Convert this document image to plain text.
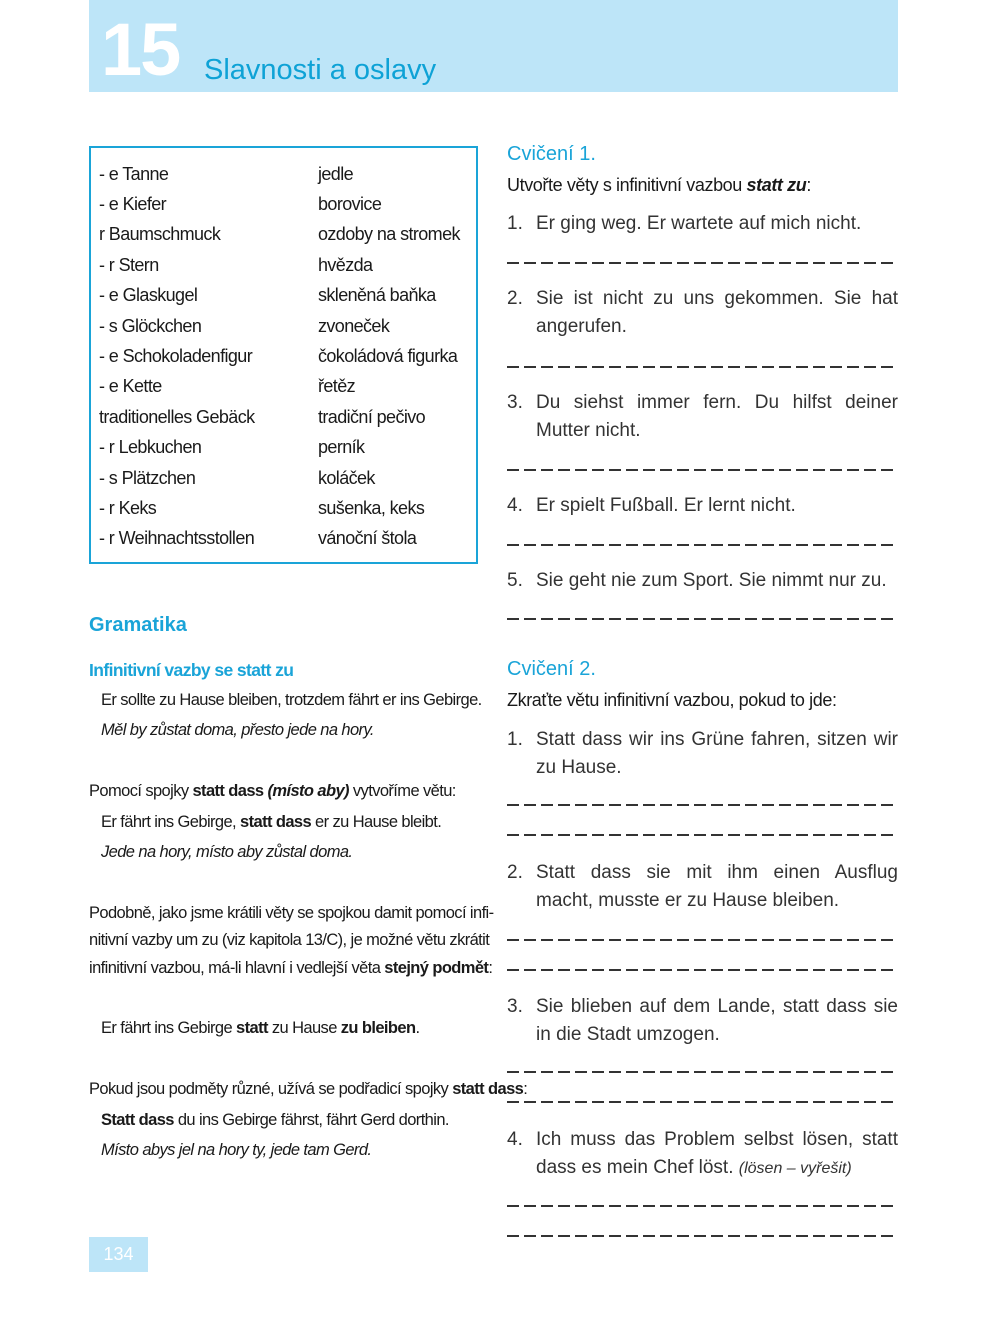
15 Slavnosti a oslavy
- e Tanne	jedle
- e Kiefer	borovice
r Baumschmuck	ozdoby na stromek
- r Stern	hvězda
- e Glaskugel	skleněná baňka
- s Glöckchen	zvoneček
- e Schokoladenfigur	čokoládová figurka
- e Kette	řetěz
traditionelles Gebäck	tradiční pečivo
- r Lebkuchen	perník
- s Plätzchen	koláček
- r Keks	sušenka, keks
- r Weihnachtsstollen	vánoční štola
Gramatika
Infinitivní vazby se statt zu
Er sollte zu Hause bleiben, trotzdem fährt er ins Gebirge.
Měl by zůstat doma, přesto jede na hory.
Pomocí spojky statt dass (místo aby) vytvoříme větu:
Er fährt ins Gebirge, statt dass er zu Hause bleibt.
Jede na hory, místo aby zůstal doma.
Podobně, jako jsme krátili věty se spojkou damit pomocí infi-
nitivní vazby um zu (viz kapitola 13/C), je možné větu zkrátit
infinitivní vazbou, má-li hlavní i vedlejší věta stejný podmět:
Er fährt ins Gebirge statt zu Hause zu bleiben.
Pokud jsou podměty různé, užívá se podřadicí spojky statt dass:
Statt dass du ins Gebirge fährst, fährt Gerd dorthin.
Místo abys jel na hory ty, jede tam Gerd.
Cvičení 1.
Utvořte věty s infinitivní vazbou statt zu:
1. Er ging weg. Er wartete auf mich nicht.
2. Sie ist nicht zu uns gekommen. Sie hat angerufen.
3. Du siehst immer fern. Du hilfst deiner Mutter nicht.
4. Er spielt Fußball. Er lernt nicht.
5. Sie geht nie zum Sport. Sie nimmt nur zu.
Cvičení 2.
Zkraťte větu infinitivní vazbou, pokud to jde:
1. Statt dass wir ins Grüne fahren, sitzen wir zu Hause.
2. Statt dass sie mit ihm einen Ausflug macht, musste er zu Hause bleiben.
3. Sie blieben auf dem Lande, statt dass sie in die Stadt umzogen.
4. Ich muss das Problem selbst lösen, statt dass es mein Chef löst. (lösen – vyřešit)
134
